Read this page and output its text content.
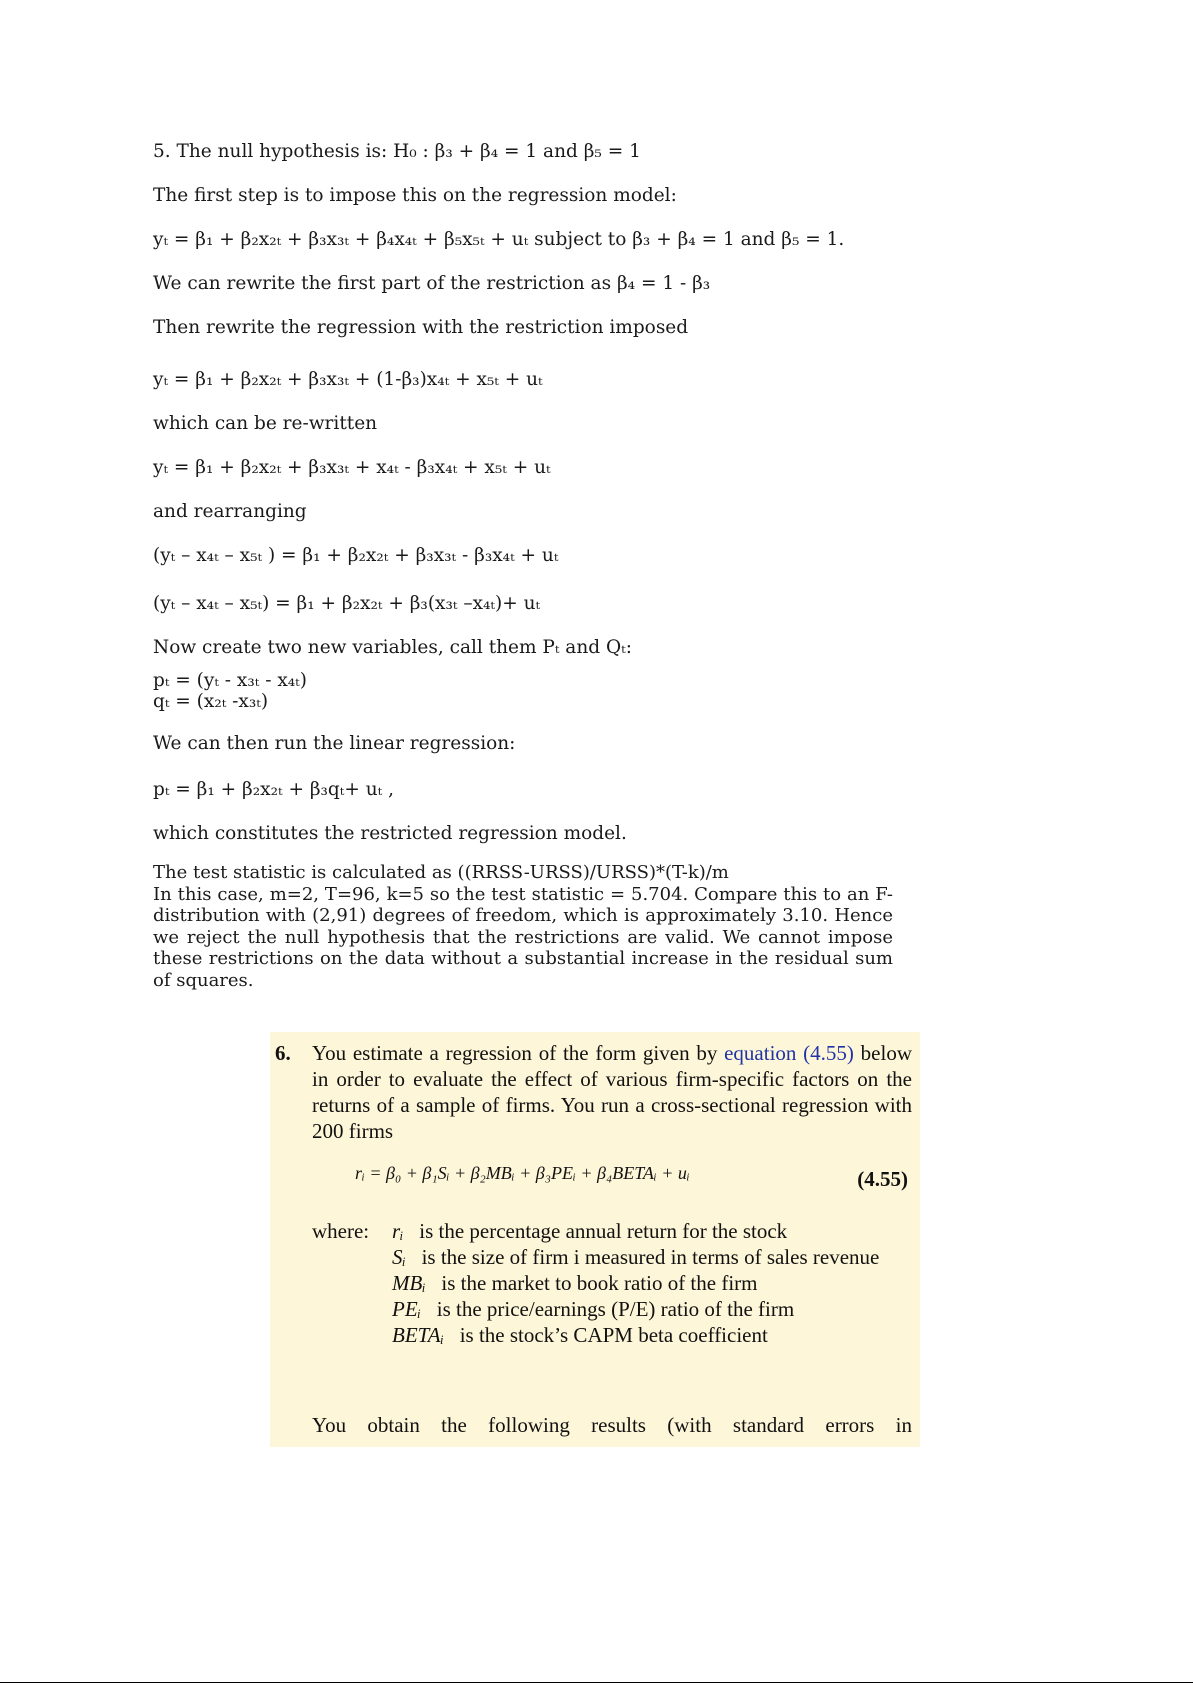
5. The null hypothesis is: H₀ : β₃ + β₄ = 1 and β₅ = 1

The first step is to impose this on the regression model:

yₜ = β₁ + β₂x₂ₜ + β₃x₃ₜ + β₄x₄ₜ + β₅x₅ₜ + uₜ subject to β₃ + β₄ = 1 and β₅ = 1.

We can rewrite the first part of the restriction as β₄ = 1 - β₃

Then rewrite the regression with the restriction imposed

yₜ = β₁ + β₂x₂ₜ + β₃x₃ₜ + (1-β₃)x₄ₜ + x₅ₜ + uₜ

which can be re-written

yₜ = β₁ + β₂x₂ₜ + β₃x₃ₜ + x₄ₜ - β₃x₄ₜ + x₅ₜ + uₜ

and rearranging

(yₜ – x₄ₜ – x₅ₜ ) = β₁ + β₂x₂ₜ + β₃x₃ₜ - β₃x₄ₜ + uₜ

(yₜ – x₄ₜ – x₅ₜ) = β₁ + β₂x₂ₜ + β₃(x₃ₜ –x₄ₜ)+ uₜ

Now create two new variables, call them Pₜ and Qₜ:

pₜ = (yₜ - x₃ₜ - x₄ₜ)

qₜ = (x₂ₜ -x₃ₜ)

We can then run the linear regression:

pₜ = β₁ + β₂x₂ₜ + β₃qₜ+ uₜ ,

which constitutes the restricted regression model.

The test statistic is calculated as ((RRSS-URSS)/URSS)*(T-k)/m

In this case, m=2, T=96, k=5 so the test statistic = 5.704. Compare this to an F-distribution with (2,91) degrees of freedom, which is approximately 3.10. Hence we reject the null hypothesis that the restrictions are valid. We cannot impose these restrictions on the data without a substantial increase in the residual sum of squares.

6. You estimate a regression of the form given by equation (4.55) below in order to evaluate the effect of various firm-specific factors on the returns of a sample of firms. You run a cross-sectional regression with 200 firms
rᵢ = β₀ + β₁Sᵢ + β₂MBᵢ + β₃PEᵢ + β₄BETAᵢ + uᵢ	(4.55)
where: rᵢ is the percentage annual return for the stock

Sᵢ is the size of firm i measured in terms of sales revenue

MBᵢ is the market to book ratio of the firm

PEᵢ is the price/earnings (P/E) ratio of the firm

BETAᵢ is the stock’s CAPM beta coefficient

You obtain the following results (with standard errors in
